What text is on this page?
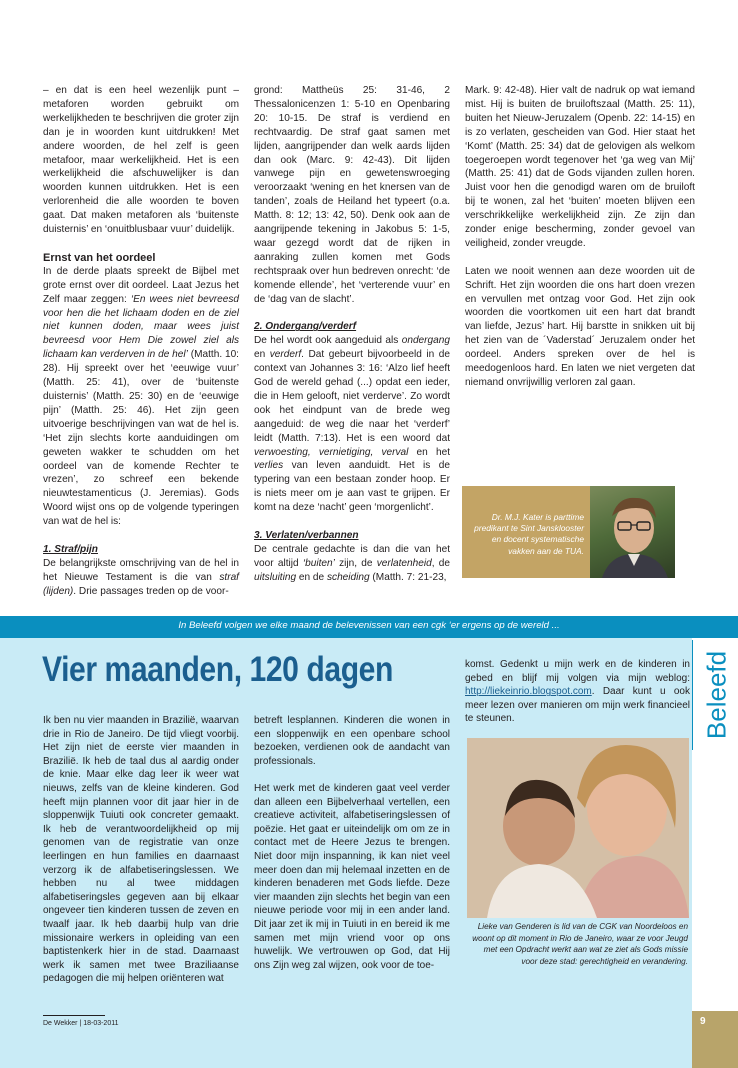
– en dat is een heel wezenlijk punt – metaforen worden gebruikt om werkelijkheden te beschrijven die groter zijn dan je in woorden kunt uitdrukken! Met andere woorden, de hel zelf is geen metafoor, maar werkelijkheid. Het is een werkelijkheid die afschuwelijker is dan woorden kunnen uitdrukken. Het is een verlorenheid die alle woorden te boven gaat. Dat maken metaforen als ‘buitenste duisternis’ en ‘onuitblusbaar vuur’ duidelijk.

Ernst van het oordeel

In de derde plaats spreekt de Bijbel met grote ernst over dit oordeel. Laat Jezus het Zelf maar zeggen: ‘En wees niet bevreesd voor hen die het lichaam doden en de ziel niet kunnen doden, maar wees juist bevreesd voor Hem Die zowel ziel als lichaam kan verderven in de hel’ (Matth. 10: 28). Hij spreekt over het ‘eeuwige vuur’ (Matth. 25: 41), over de ‘buitenste duisternis’ (Matth. 25: 30) en de ‘eeuwige pijn’ (Matth. 25: 46). Het zijn geen uitvoerige beschrijvingen van wat de hel is. ‘Het zijn slechts korte aanduidingen om geweten wakker te schudden om het oordeel van de komende Rechter te vrezen’, zo schreef een bekende nieuwtestamenticus (J. Jeremias). Gods Woord wijst ons op de volgende typeringen van wat de hel is:

1. Straf/pijn
De belangrijkste omschrijving van de hel in het Nieuwe Testament is die van straf (lijden). Drie passages treden op de voor-

grond: Mattheüs 25: 31-46, 2 Thessalonicenzen 1: 5-10 en Openbaring 20: 10-15. De straf is verdiend en rechtvaardig. De straf gaat samen met lijden, aangrijpender dan welk aards lijden dan ook (Marc. 9: 42-43). Dit lijden vanwege pijn en gewetenswroeging veroorzaakt ‘wening en het knersen van de tanden’, zoals de Heiland het typeert (o.a. Matth. 8: 12; 13: 42, 50). Denk ook aan de aangrijpende tekening in Jakobus 5: 1-5, waar gezegd wordt dat de rijken in aanraking zullen komen met Gods rechtspraak over hun bedreven onrecht: ‘de komende ellende’, het ‘verterende vuur’ en de ‘dag van de slacht’.

2. Ondergang/verderf
De hel wordt ook aangeduid als ondergang en verderf. Dat gebeurt bijvoorbeeld in de context van Johannes 3: 16: ‘Alzo lief heeft God de wereld gehad (...) opdat een ieder, die in Hem gelooft, niet verderve’. Zo wordt ook het eindpunt van de brede weg aangeduid: de weg die naar het ‘verderf’ leidt (Matth. 7:13). Het is een woord dat verwoesting, vernietiging, verval en het verlies van leven aanduidt. Het is de typering van een bestaan zonder hoop. Er is niets meer om je aan vast te grijpen. Er komt na deze ‘nacht’ geen ‘morgenlicht’.

3. Verlaten/verbannen
De centrale gedachte is dan die van het voor altijd ‘buiten’ zijn, de verlatenheid, de uitsluiting en de scheiding (Matth. 7: 21-23,

Mark. 9: 42-48). Hier valt de nadruk op wat iemand mist. Hij is buiten de bruiloftszaal (Matth. 25: 11), buiten het Nieuw-Jeruzalem (Openb. 22: 14-15) en is zo verlaten, gescheiden van God. Hier staat het ‘Komt’ (Matth. 25: 34) dat de gelovigen als welkom toegeroepen wordt tegenover het ‘ga weg van Mij’ (Matth. 25: 41) dat de Gods vijanden zullen horen. Juist voor hen die genodigd waren om de bruiloft bij te wonen, zal het ‘buiten’ moeten blijven een verschrikkelijke werkelijkheid zijn. Ze zijn dan zonder enige bescherming, zonder gevoel van veiligheid, zonder vreugde.

Laten we nooit wennen aan deze woorden uit de Schrift. Het zijn woorden die ons hart doen vrezen en vervullen met ontzag voor God. Het zijn ook woorden die voortkomen uit een hart dat brandt van liefde, Jezus’ hart. Hij barstte in snikken uit bij het zien van de ´Vaderstad´ Jeruzalem onder het oordeel. Anders spreken over de hel is meedogenloos hard. En laten we niet vergeten dat niemand onvrijwillig verloren zal gaan.

Dr. M.J. Kater is parttime predikant te Sint Jansklooster en docent systematische vakken aan de TUA.
In Beleefd volgen we elke maand de belevenissen van een cgk ‘er ergens op de wereld ...
Beleefd
Vier maanden, 120 dagen

Ik ben nu vier maanden in Brazilië, waarvan drie in Rio de Janeiro. De tijd vliegt voorbij. Het zijn niet de eerste vier maanden in Brazilië. Ik heb de taal dus al aardig onder de knie. Maar elke dag leer ik weer wat nieuws, zelfs van de kleine kinderen. God heeft mijn plannen voor dit jaar hier in de sloppenwijk Tuiuti ook concreter gemaakt. Ik heb de verantwoordelijkheid op mij genomen van de registratie van onze leerlingen en hun families en daarnaast verzorg ik de alfabetiseringslessen. We hebben nu al twee middagen alfabetiseringsles gegeven aan bij elkaar ongeveer tien kinderen tussen de zeven en twaalf jaar. Ik heb daarbij hulp van drie missionaire werkers in opleiding van een baptistenkerk hier in de stad. Daarnaast werk ik samen met twee Braziliaanse pedagogen die mij helpen oriënteren wat

betreft lesplannen. Kinderen die wonen in een sloppenwijk en een openbare school bezoeken, verdienen ook de aandacht van professionals.

Het werk met de kinderen gaat veel verder dan alleen een Bijbelverhaal vertellen, een creatieve activiteit, alfabetiseringslessen of poëzie. Het gaat er uiteindelijk om om ze in contact met de Heere Jezus te brengen. Niet door mijn inspanning, ik kan niet veel meer doen dan mij helemaal inzetten en de kinderen benaderen met Gods liefde. Deze vier maanden zijn slechts het begin van een nieuwe periode voor mij in een ander land. Dit jaar zet ik mij in Tuiuti in en bereid ik me samen met mijn vriend voor op ons huwelijk. We vertrouwen op God, dat Hij ons Zijn weg zal wijzen, ook voor de toe-

komst. Gedenkt u mijn werk en de kinderen in gebed en blijf mij volgen via mijn weblog: http://liekeinrio.blogspot.com. Daar kunt u ook meer lezen over manieren om mijn werk financieel te steunen.

Lieke van Genderen is lid van de CGK van Noordeloos en woont op dit moment in Rio de Janeiro, waar ze voor Jeugd met een Opdracht werkt aan wat ze ziet als Gods missie voor deze stad: gerechtigheid en verandering.
De Wekker | 18-03-2011	9
